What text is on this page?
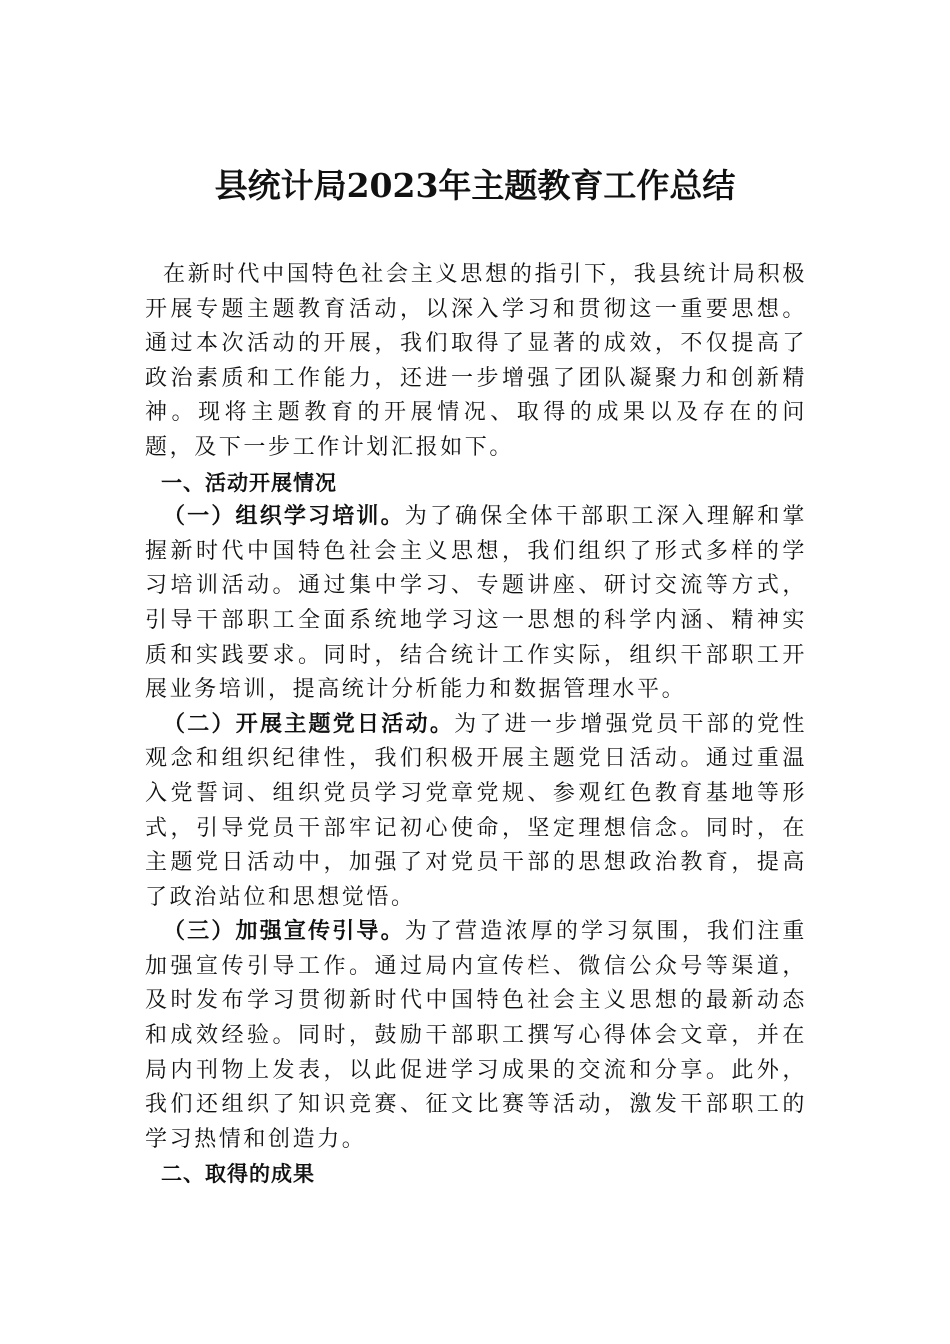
县统计局2023年主题教育工作总结

在新时代中国特色社会主义思想的指引下，我县统计局积极开展专题主题教育活动，以深入学习和贯彻这一重要思想。通过本次活动的开展，我们取得了显著的成效，不仅提高了政治素质和工作能力，还进一步增强了团队凝聚力和创新精神。现将主题教育的开展情况、取得的成果以及存在的问题，及下一步工作计划汇报如下。

一、活动开展情况

（一）组织学习培训。为了确保全体干部职工深入理解和掌握新时代中国特色社会主义思想，我们组织了形式多样的学习培训活动。通过集中学习、专题讲座、研讨交流等方式，引导干部职工全面系统地学习这一思想的科学内涵、精神实质和实践要求。同时，结合统计工作实际，组织干部职工开展业务培训，提高统计分析能力和数据管理水平。

（二）开展主题党日活动。为了进一步增强党员干部的党性观念和组织纪律性，我们积极开展主题党日活动。通过重温入党誓词、组织党员学习党章党规、参观红色教育基地等形式，引导党员干部牢记初心使命，坚定理想信念。同时，在主题党日活动中，加强了对党员干部的思想政治教育，提高了政治站位和思想觉悟。

（三）加强宣传引导。为了营造浓厚的学习氛围，我们注重加强宣传引导工作。通过局内宣传栏、微信公众号等渠道，及时发布学习贯彻新时代中国特色社会主义思想的最新动态和成效经验。同时，鼓励干部职工撰写心得体会文章，并在局内刊物上发表，以此促进学习成果的交流和分享。此外，我们还组织了知识竞赛、征文比赛等活动，激发干部职工的学习热情和创造力。

二、取得的成果
